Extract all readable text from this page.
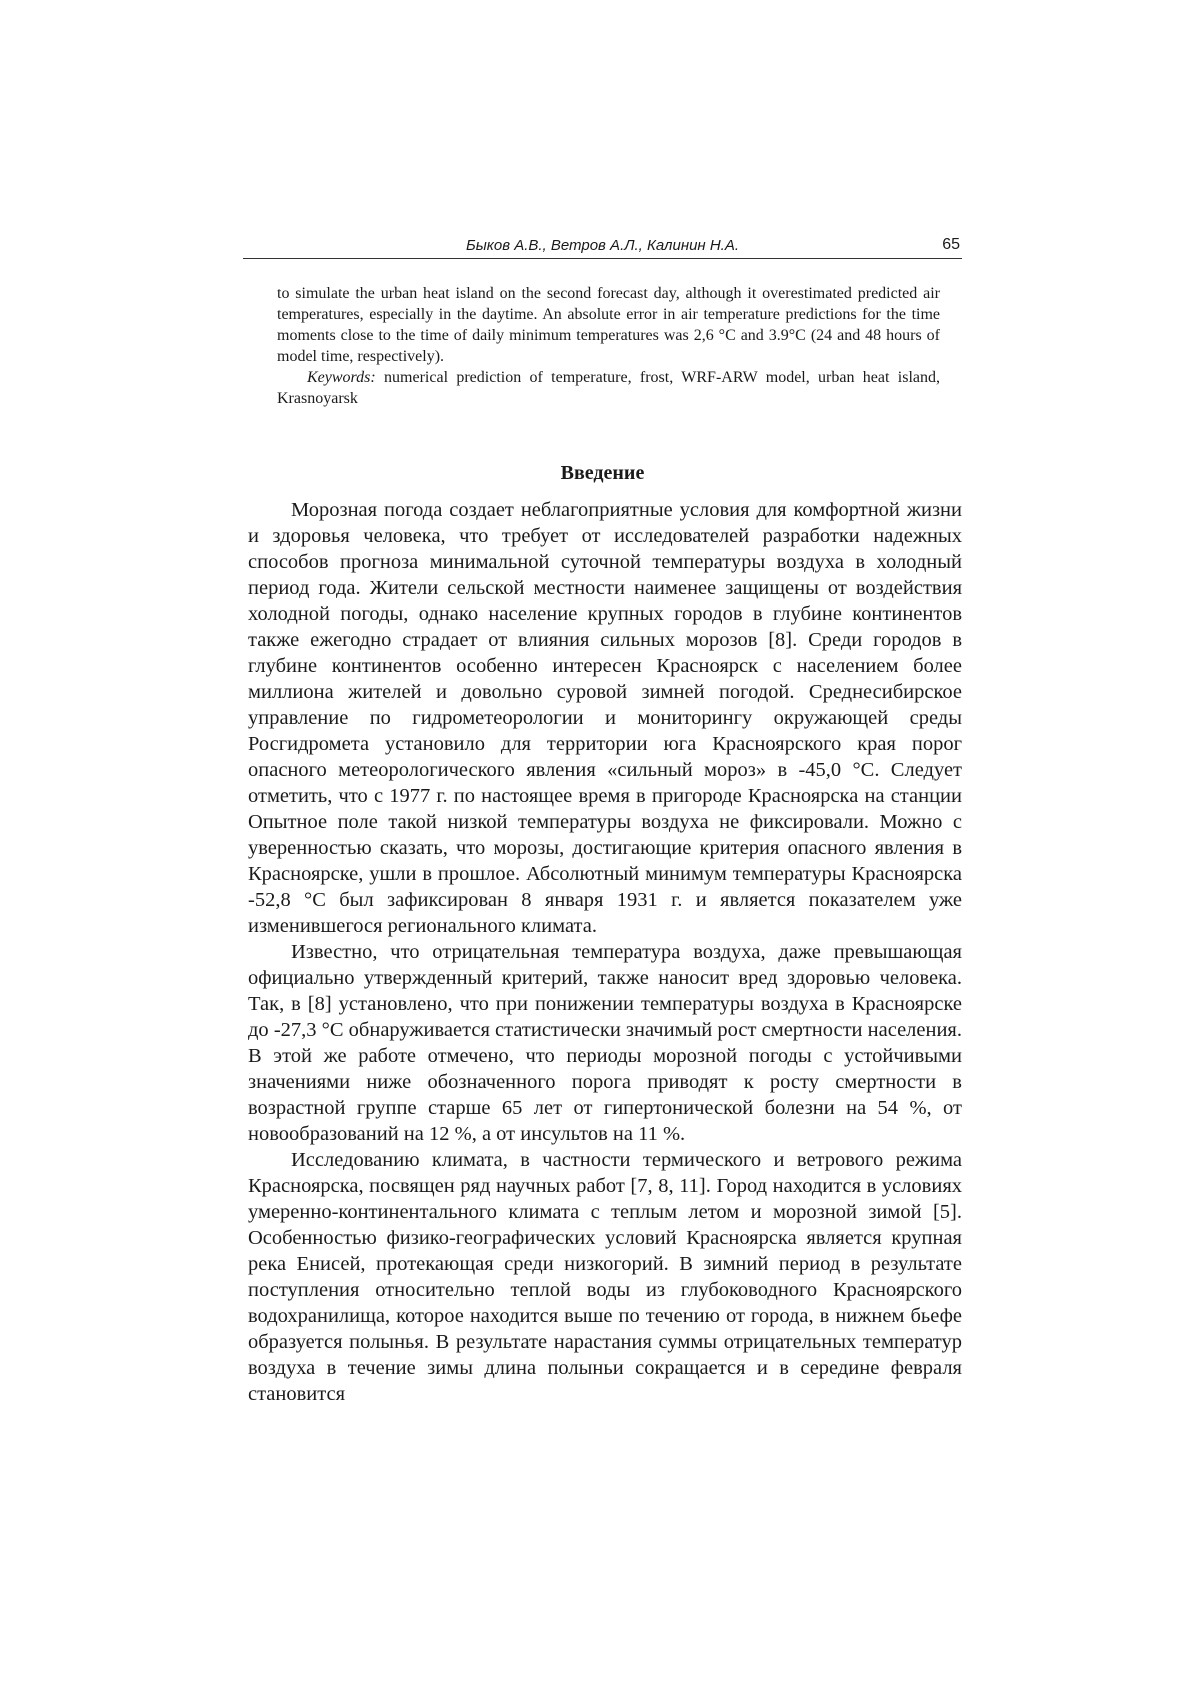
Быков А.В., Ветров А.Л., Калинин Н.А.	65

to simulate the urban heat island on the second forecast day, although it overestimated predicted air temperatures, especially in the daytime. An absolute error in air temperature predictions for the time moments close to the time of daily minimum temperatures was 2,6 °C and 3.9°C (24 and 48 hours of model time, respectively).

Keywords: numerical prediction of temperature, frost, WRF-ARW model, urban heat island, Krasnoyarsk

Введение

Морозная погода создает неблагоприятные условия для комфортной жизни и здоровья человека, что требует от исследователей разработки надежных способов прогноза минимальной суточной температуры воздуха в холодный период года. Жители сельской местности наименее защищены от воздействия холодной погоды, однако население крупных городов в глубине континентов также ежегодно страдает от влияния сильных морозов [8]. Среди городов в глубине континентов особенно интересен Красноярск с населением более миллиона жителей и довольно суровой зимней погодой. Среднесибирское управление по гидрометеорологии и мониторингу окружающей среды Росгидромета установило для территории юга Красноярского края порог опасного метеорологического явления «сильный мороз» в -45,0 °С. Следует отметить, что с 1977 г. по настоящее время в пригороде Красноярска на станции Опытное поле такой низкой температуры воздуха не фиксировали. Можно с уверенностью сказать, что морозы, достигающие критерия опасного явления в Красноярске, ушли в прошлое. Абсолютный минимум температуры Красноярска -52,8 °С был зафиксирован 8 января 1931 г. и является показателем уже изменившегося регионального климата.

Известно, что отрицательная температура воздуха, даже превышающая официально утвержденный критерий, также наносит вред здоровью человека. Так, в [8] установлено, что при понижении температуры воздуха в Красноярске до -27,3 °С обнаруживается статистически значимый рост смертности населения. В этой же работе отмечено, что периоды морозной погоды с устойчивыми значениями ниже обозначенного порога приводят к росту смертности в возрастной группе старше 65 лет от гипертонической болезни на 54 %, от новообразований на 12 %, а от инсультов на 11 %.

Исследованию климата, в частности термического и ветрового режима Красноярска, посвящен ряд научных работ [7, 8, 11]. Город находится в условиях умеренно-континентального климата с теплым летом и морозной зимой [5]. Особенностью физико-географических условий Красноярска является крупная река Енисей, протекающая среди низкогорий. В зимний период в результате поступления относительно теплой воды из глубоководного Красноярского водохранилища, которое находится выше по течению от города, в нижнем бьефе образуется полынья. В результате нарастания суммы отрицательных температур воздуха в течение зимы длина полыньи сокращается и в середине февраля становится
